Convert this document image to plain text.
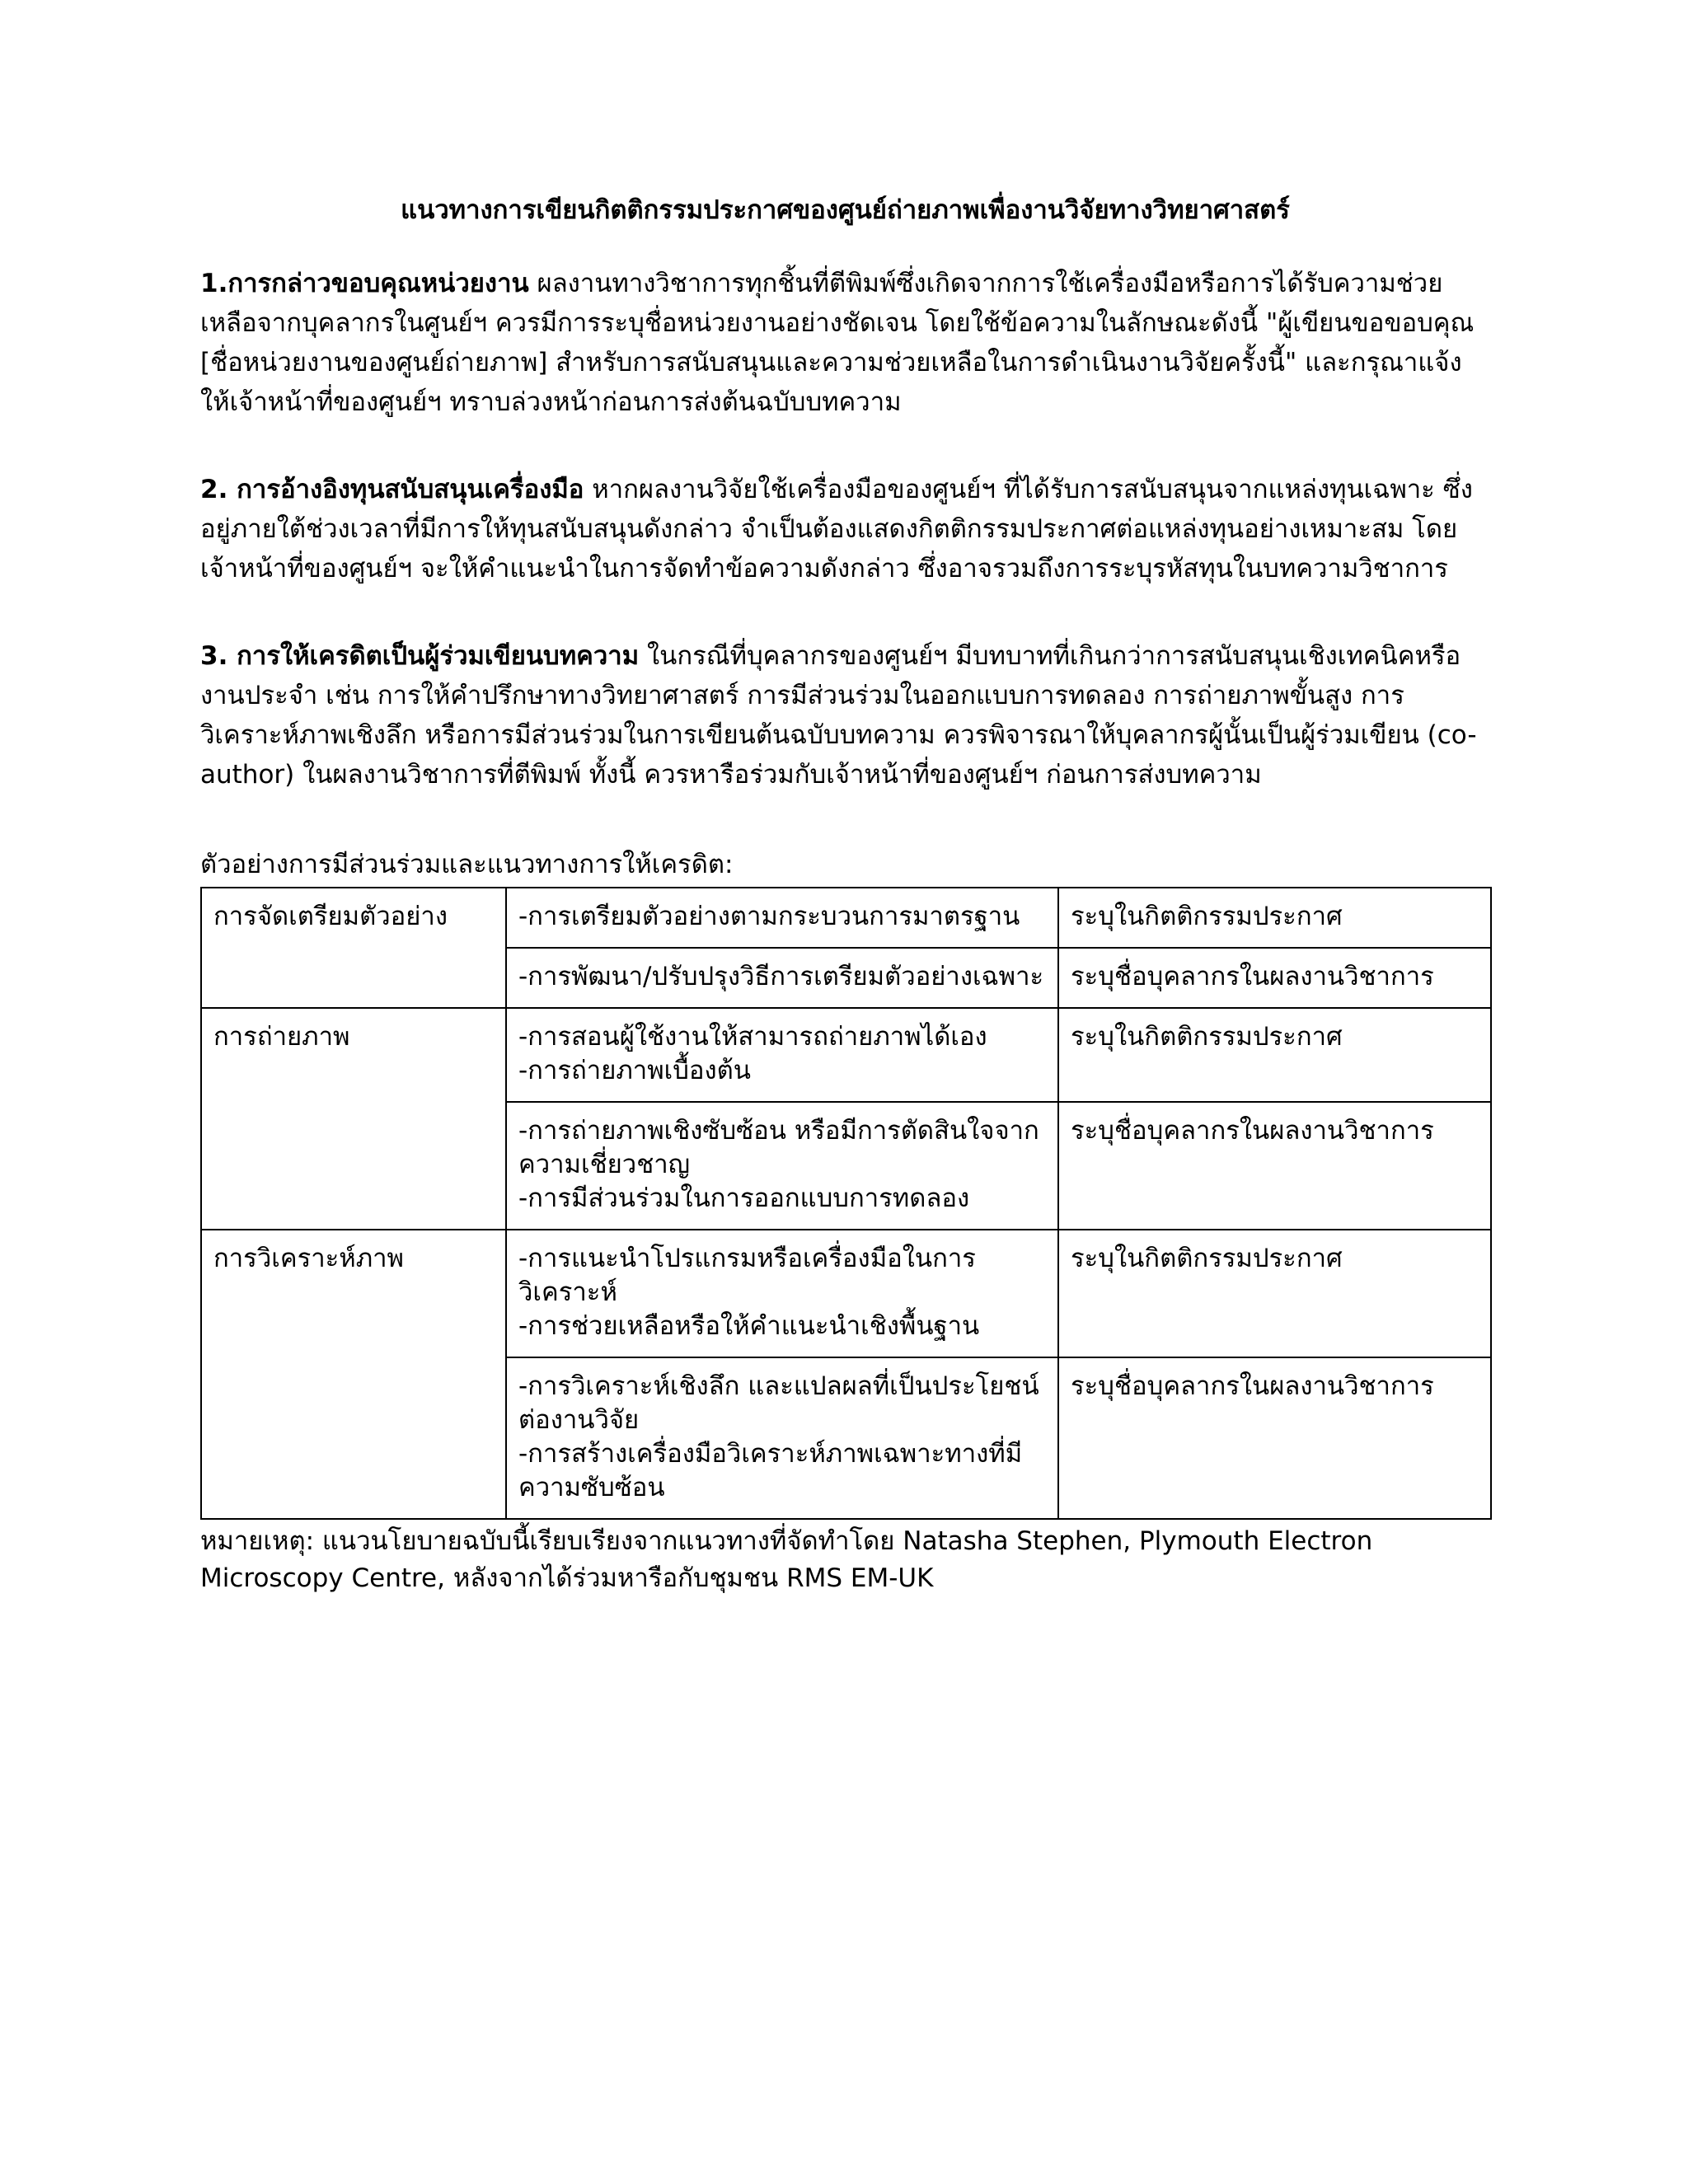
แนวทางการเขียนกิตติกรรมประกาศของศูนย์ถ่ายภาพเพื่องานวิจัยทางวิทยาศาสตร์

1.การกล่าวขอบคุณหน่วยงาน ผลงานทางวิชาการทุกชิ้นที่ตีพิมพ์ซึ่งเกิดจากการใช้เครื่องมือหรือการได้รับความช่วยเหลือจากบุคลากรในศูนย์ฯ ควรมีการระบุชื่อหน่วยงานอย่างชัดเจน โดยใช้ข้อความในลักษณะดังนี้ "ผู้เขียนขอขอบคุณ [ชื่อหน่วยงานของศูนย์ถ่ายภาพ] สำหรับการสนับสนุนและความช่วยเหลือในการดำเนินงานวิจัยครั้งนี้" และกรุณาแจ้งให้เจ้าหน้าที่ของศูนย์ฯ ทราบล่วงหน้าก่อนการส่งต้นฉบับบทความ

2. การอ้างอิงทุนสนับสนุนเครื่องมือ หากผลงานวิจัยใช้เครื่องมือของศูนย์ฯ ที่ได้รับการสนับสนุนจากแหล่งทุนเฉพาะ ซึ่งอยู่ภายใต้ช่วงเวลาที่มีการให้ทุนสนับสนุนดังกล่าว จำเป็นต้องแสดงกิตติกรรมประกาศต่อแหล่งทุนอย่างเหมาะสม โดยเจ้าหน้าที่ของศูนย์ฯ จะให้คำแนะนำในการจัดทำข้อความดังกล่าว ซึ่งอาจรวมถึงการระบุรหัสทุนในบทความวิชาการ

3. การให้เครดิตเป็นผู้ร่วมเขียนบทความ ในกรณีที่บุคลากรของศูนย์ฯ มีบทบาทที่เกินกว่าการสนับสนุนเชิงเทคนิคหรืองานประจำ เช่น การให้คำปรึกษาทางวิทยาศาสตร์ การมีส่วนร่วมในออกแบบการทดลอง การถ่ายภาพขั้นสูง การวิเคราะห์ภาพเชิงลึก หรือการมีส่วนร่วมในการเขียนต้นฉบับบทความ ควรพิจารณาให้บุคลากรผู้นั้นเป็นผู้ร่วมเขียน (co-author) ในผลงานวิชาการที่ตีพิมพ์ ทั้งนี้ ควรหารือร่วมกับเจ้าหน้าที่ของศูนย์ฯ ก่อนการส่งบทความ

ตัวอย่างการมีส่วนร่วมและแนวทางการให้เครดิต:
การจัดเตรียมตัวอย่าง	-การเตรียมตัวอย่างตามกระบวนการมาตรฐาน	ระบุในกิตติกรรมประกาศ

	-การพัฒนา/ปรับปรุงวิธีการเตรียมตัวอย่างเฉพาะ	ระบุชื่อบุคลากรในผลงานวิชาการ
การถ่ายภาพ	-การสอนผู้ใช้งานให้สามารถถ่ายภาพได้เอง
-การถ่ายภาพเบื้องต้น	ระบุในกิตติกรรมประกาศ

	-การถ่ายภาพเชิงซับซ้อน หรือมีการตัดสินใจจากความเชี่ยวชาญ
-การมีส่วนร่วมในการออกแบบการทดลอง	ระบุชื่อบุคลากรในผลงานวิชาการ
การวิเคราะห์ภาพ	-การแนะนำโปรแกรมหรือเครื่องมือในการวิเคราะห์
-การช่วยเหลือหรือให้คำแนะนำเชิงพื้นฐาน	ระบุในกิตติกรรมประกาศ

	-การวิเคราะห์เชิงลึก และแปลผลที่เป็นประโยชน์ต่องานวิจัย
-การสร้างเครื่องมือวิเคราะห์ภาพเฉพาะทางที่มีความซับซ้อน	ระบุชื่อบุคลากรในผลงานวิชาการ

หมายเหตุ: แนวนโยบายฉบับนี้เรียบเรียงจากแนวทางที่จัดทำโดย Natasha Stephen, Plymouth Electron Microscopy Centre, หลังจากได้ร่วมหารือกับชุมชน RMS EM-UK
